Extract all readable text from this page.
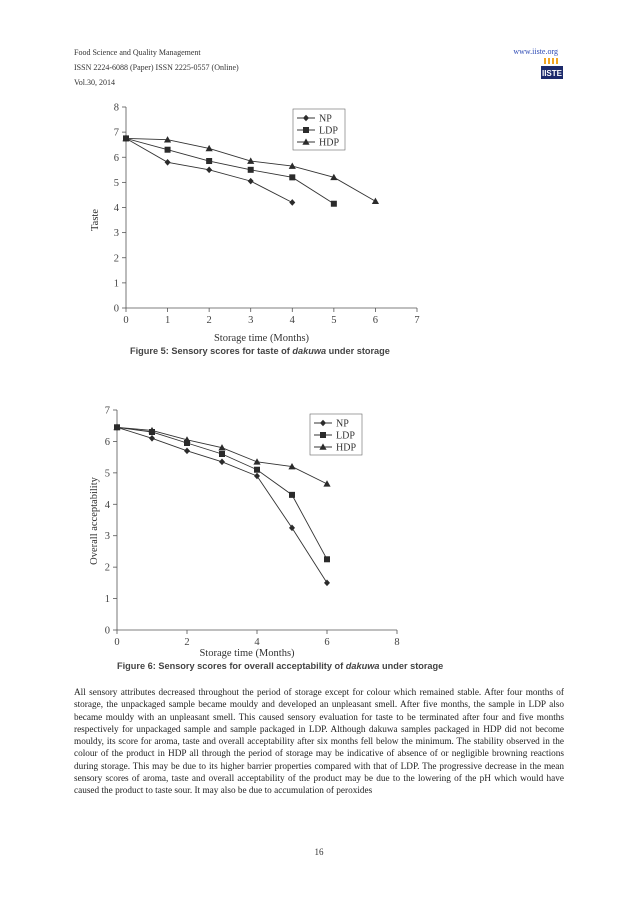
Food Science and Quality Management
ISSN 2224-6088 (Paper) ISSN 2225-0557 (Online)
Vol.30, 2014
www.iiste.org
IISTE
0
1
2
3
4
5
6
7
8
0	1	2	3	4	5	6	7
Storage time (Months)
Taste
NP
LDP
HDP
0
1
2
3
4
5
6
7
0	2	4	6	8
Storage time (Months)
Overall acceptability
NP
LDP
HDP
Figure 5: Sensory scores for taste of dakuwa under storage
Figure 6: Sensory scores for overall acceptability of dakuwa under storage

All sensory attributes decreased throughout the period of storage except for colour which remained stable. After four months of storage, the unpackaged sample became mouldy and developed an unpleasant smell. After five months, the sample in LDP also became mouldy with an unpleasant smell. This caused sensory evaluation for taste to be terminated after four and five months respectively for unpackaged sample and sample packaged in LDP. Although dakuwa samples packaged in HDP did not become mouldy, its score for aroma, taste and overall acceptability after six months fell below the minimum. The stability observed in the colour of the product in HDP all through the period of storage may be indicative of absence of or negligible browning reactions during storage. This may be due to its higher barrier properties compared with that of LDP. The progressive decrease in the mean sensory scores of aroma, taste and overall acceptability of the product may be due to the lowering of the pH which would have caused the product to taste sour. It may also be due to accumulation of peroxides

16
